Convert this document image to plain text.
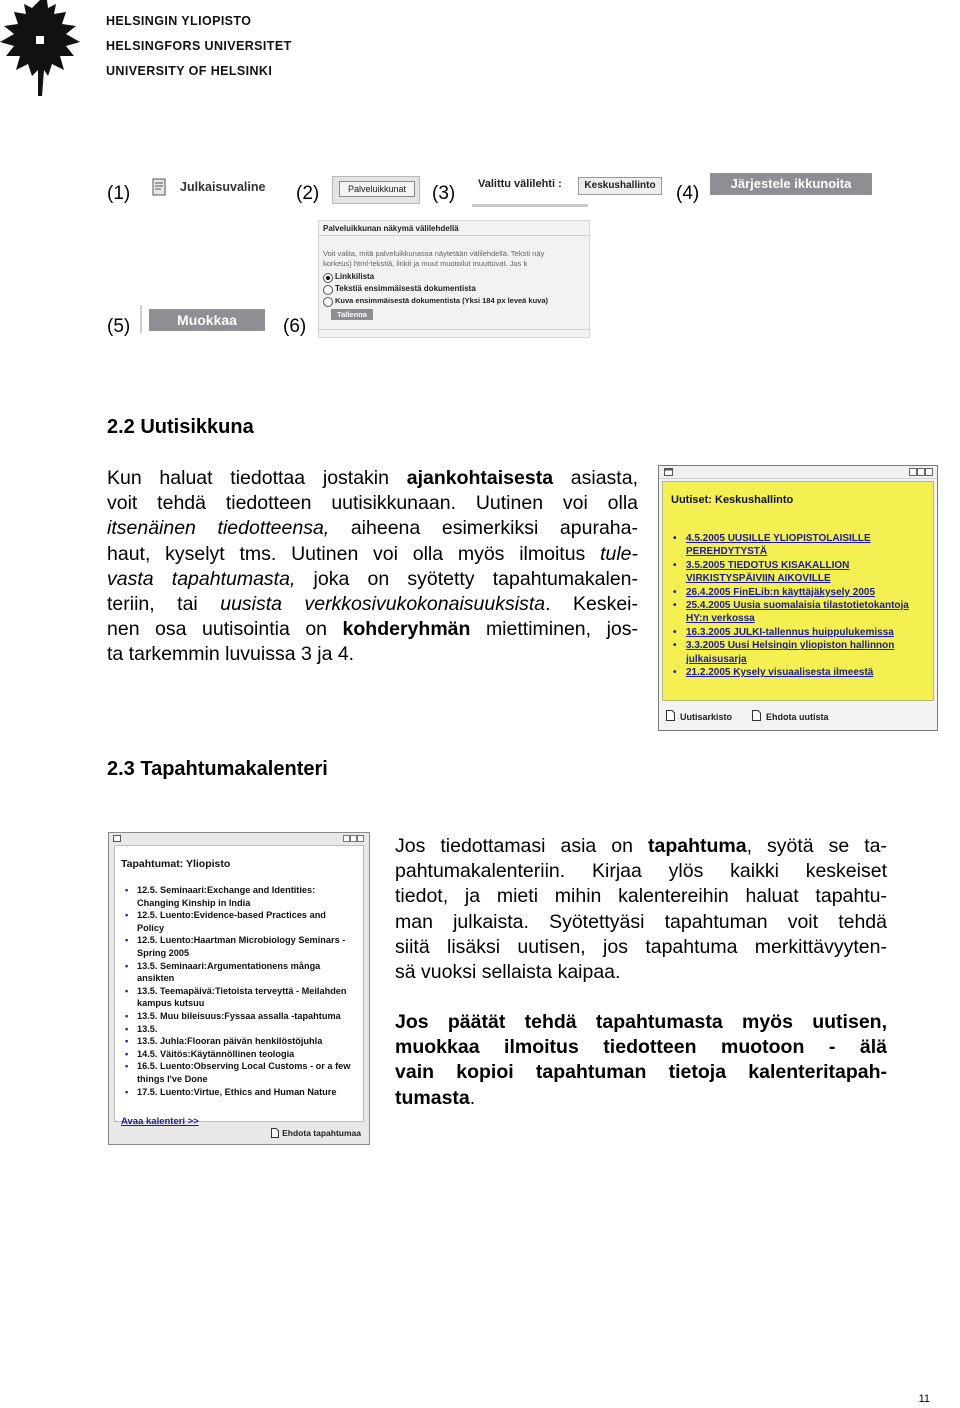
HELSINGIN YLIOPISTO
HELSINGFORS UNIVERSITET
UNIVERSITY OF HELSINKI
(1)	(2)	(3)	(4)
(5)	(6)
Julkaisuvaline	Palveluikkunat	Valittu välilehti :	Keskushallinto	Järjestele ikkunoita
Muokkaa
Palveluikkunan näkymä välilehdellä
Voit valita, mitä palveluikkunassa näytetään välilehdellä. Teksti näy
korkeus) html-tekstiä, linkit ja muut muotoilut muuttuvat. Jos k
Linkkilista
Tekstiä ensimmäisestä dokumentista
Kuva ensimmäisestä dokumentista (Yksi 184 px leveä kuva)
Tallenna
2.2 Uutisikkuna
Kun haluat tiedottaa jostakin ajankohtaisesta asiasta,
voit tehdä tiedotteen uutisikkunaan. Uutinen voi olla
itsenäinen tiedotteensa, aiheena esimerkiksi apuraha-
haut, kyselyt tms. Uutinen voi olla myös ilmoitus tule-
vasta tapahtumasta, joka on syötetty tapahtumakalen-
teriin, tai uusista verkkosivukokonaisuuksista. Keskei-
nen osa uutisointia on kohderyhmän miettiminen, jos-
ta tarkemmin luvuissa 3 ja 4.
Uutiset: Keskushallinto
• 4.5.2005 UUSILLE YLIOPISTOLAISILLE
PEREHDYTYSTÄ
• 3.5.2005 TIEDOTUS KISAKALLION
VIRKISTYSPÄIVIIN AIKOVILLE
• 26.4.2005 FinELib:n käyttäjäkysely 2005
• 25.4.2005 Uusia suomalaisia tilastotietokantoja
HY:n verkossa
• 16.3.2005 JULKI-tallennus huippulukemissa
• 3.3.2005 Uusi Helsingin yliopiston hallinnon
julkaisusarja
• 21.2.2005 Kysely visuaalisesta ilmeestä
Uutisarkisto	Ehdota uutista
2.3 Tapahtumakalenteri
Tapahtumat: Yliopisto
• 12.5. Seminaari:Exchange and Identities: Changing Kinship in India
• 12.5. Luento:Evidence-based Practices and Policy
• 12.5. Luento:Haartman Microbiology Seminars - Spring 2005
• 13.5. Seminaari:Argumentationens många ansikten
• 13.5. Teemapäivä:Tietoista terveyttä - Meilahden kampus kutsuu
• 13.5. Muu bileisuus:Fyssaa assalla -tapahtuma
• 13.5.
• 13.5. Juhla:Flooran päivän henkilöstöjuhla
• 14.5. Väitös:Käytännöllinen teologia
• 16.5. Luento:Observing Local Customs - or a few things I've Done
• 17.5. Luento:Virtue, Ethics and Human Nature
Avaa kalenteri >>
Ehdota tapahtumaa
Jos tiedottamasi asia on tapahtuma, syötä se ta-
pahtumakalenteriin. Kirjaa ylös kaikki keskeiset
tiedot, ja mieti mihin kalentereihin haluat tapahtu-
man julkaista. Syötettyäsi tapahtuman voit tehdä
siitä lisäksi uutisen, jos tapahtuma merkittävyyten-
sä vuoksi sellaista kaipaa.
Jos päätät tehdä tapahtumasta myös uutisen,
muokkaa ilmoitus tiedotteen muotoon - älä
vain kopioi tapahtuman tietoja kalenteritapah-
tumasta.
11
